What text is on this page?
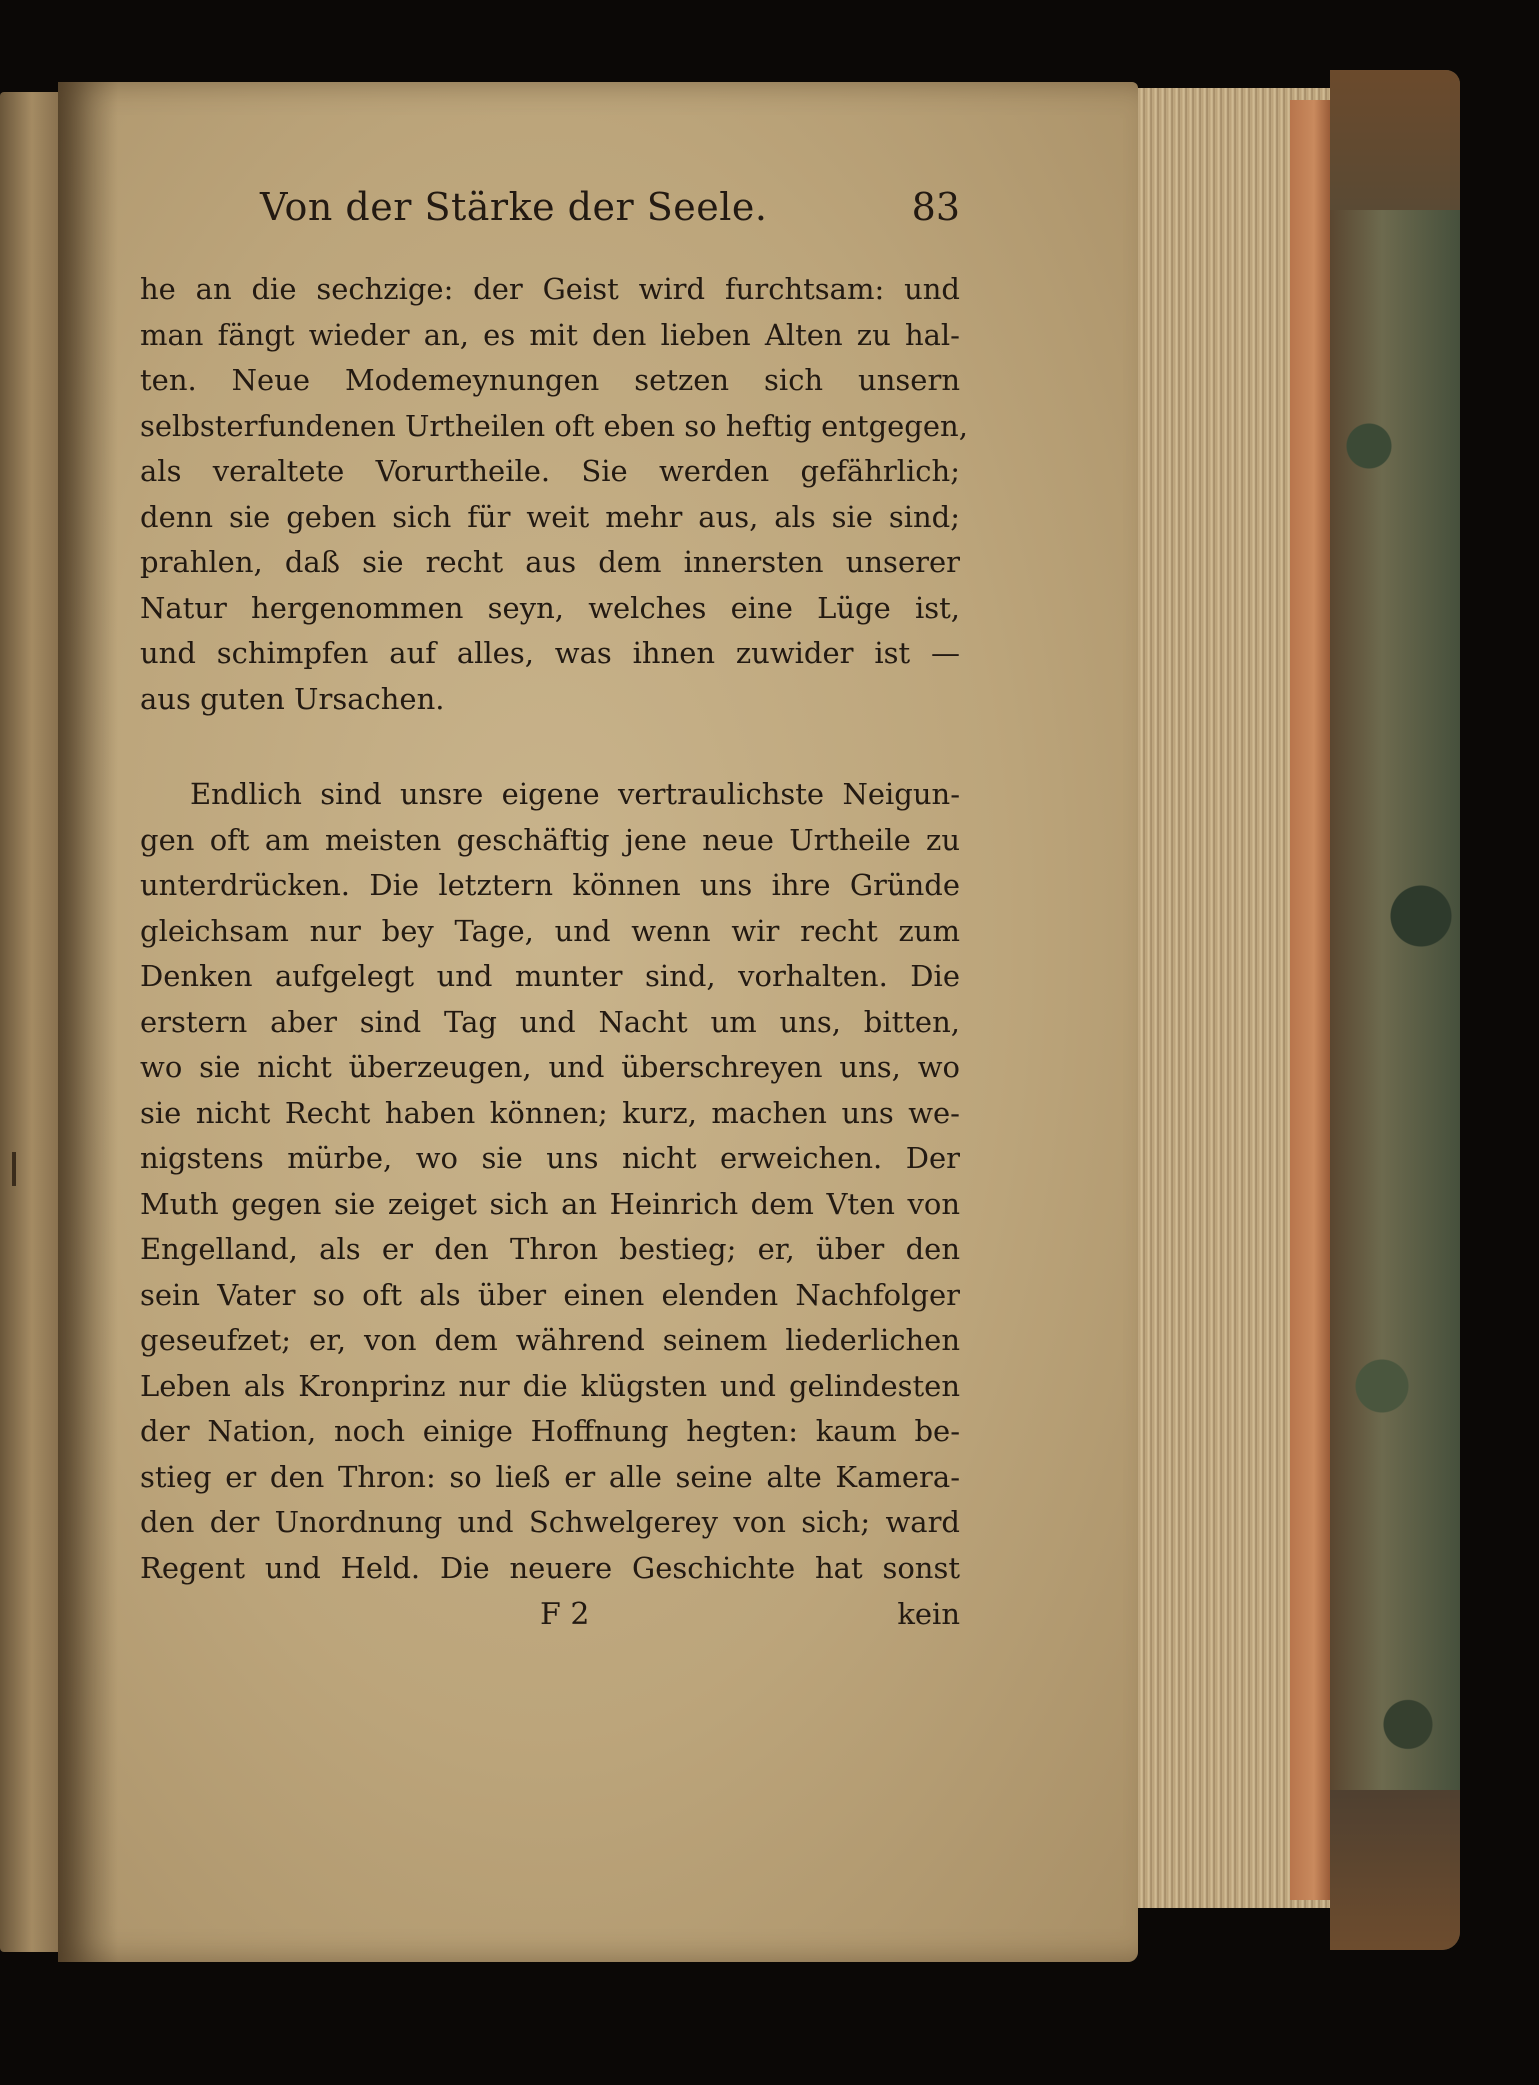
Von der Stärke der Seele.	83
he an die sechzige: der Geist wird furchtsam: und
man fängt wieder an, es mit den lieben Alten zu hal-
ten. Neue Modemeynungen setzen sich unsern
selbsterfundenen Urtheilen oft eben so heftig entgegen,
als veraltete Vorurtheile. Sie werden gefährlich;
denn sie geben sich für weit mehr aus, als sie sind;
prahlen, daß sie recht aus dem innersten unserer
Natur hergenommen seyn, welches eine Lüge ist,
und schimpfen auf alles, was ihnen zuwider ist —
aus guten Ursachen.
Endlich sind unsre eigene vertraulichste Neigun-
gen oft am meisten geschäftig jene neue Urtheile zu
unterdrücken. Die letztern können uns ihre Gründe
gleichsam nur bey Tage, und wenn wir recht zum
Denken aufgelegt und munter sind, vorhalten. Die
erstern aber sind Tag und Nacht um uns, bitten,
wo sie nicht überzeugen, und überschreyen uns, wo
sie nicht Recht haben können; kurz, machen uns we-
nigstens mürbe, wo sie uns nicht erweichen. Der
Muth gegen sie zeiget sich an Heinrich dem Vten von
Engelland, als er den Thron bestieg; er, über den
sein Vater so oft als über einen elenden Nachfolger
geseufzet; er, von dem während seinem liederlichen
Leben als Kronprinz nur die klügsten und gelindesten
der Nation, noch einige Hoffnung hegten: kaum be-
stieg er den Thron: so ließ er alle seine alte Kamera-
den der Unordnung und Schwelgerey von sich; ward
Regent und Held. Die neuere Geschichte hat sonst
F 2	kein
